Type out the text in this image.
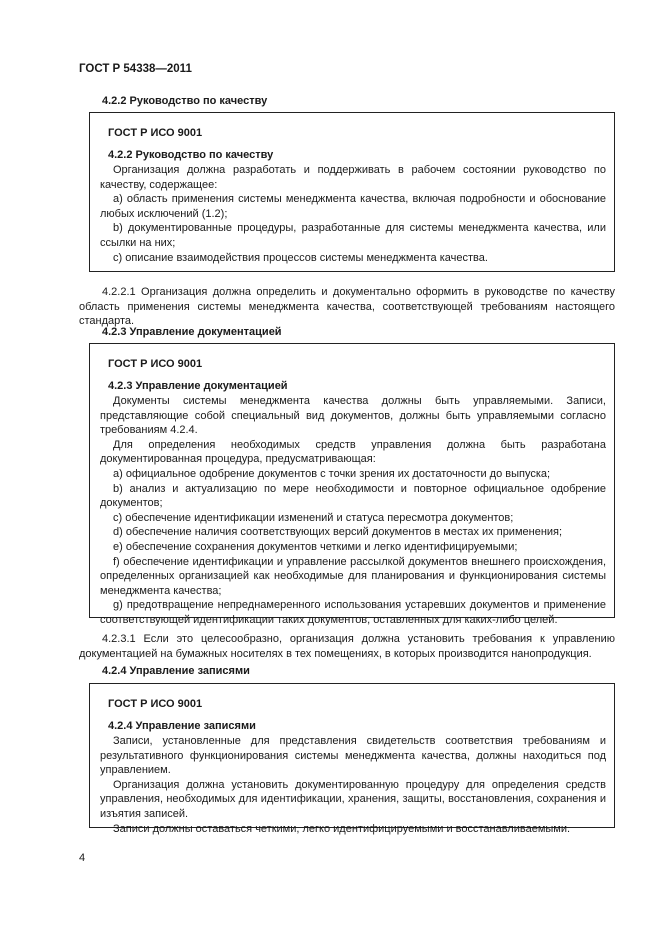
ГОСТ Р 54338—2011
4.2.2 Руководство по качеству
ГОСТ Р ИСО 9001
4.2.2 Руководство по качеству
Организация должна разработать и поддерживать в рабочем состоянии руководство по качеству, содержащее:
а) область применения системы менеджмента качества, включая подробности и обоснование любых исключений (1.2);
b) документированные процедуры, разработанные для системы менеджмента качества, или ссылки на них;
c) описание взаимодействия процессов системы менеджмента качества.
4.2.2.1 Организация должна определить и документально оформить в руководстве по качеству область применения системы менеджмента качества, соответствующей требованиям настоящего стандарта.
4.2.3 Управление документацией
ГОСТ Р ИСО 9001
4.2.3 Управление документацией
Документы системы менеджмента качества должны быть управляемыми. Записи, представляющие собой специальный вид документов, должны быть управляемыми согласно требованиям 4.2.4.
Для определения необходимых средств управления должна быть разработана документированная процедура, предусматривающая:
а) официальное одобрение документов с точки зрения их достаточности до выпуска;
b) анализ и актуализацию по мере необходимости и повторное официальное одобрение документов;
c) обеспечение идентификации изменений и статуса пересмотра документов;
d) обеспечение наличия соответствующих версий документов в местах их применения;
e) обеспечение сохранения документов четкими и легко идентифицируемыми;
f) обеспечение идентификации и управление рассылкой документов внешнего происхождения, определенных организацией как необходимые для планирования и функционирования системы менеджмента качества;
g) предотвращение непреднамеренного использования устаревших документов и применение соответствующей идентификации таких документов, оставленных для каких-либо целей.
4.2.3.1 Если это целесообразно, организация должна установить требования к управлению документацией на бумажных носителях в тех помещениях, в которых производится нанопродукция.
4.2.4 Управление записями
ГОСТ Р ИСО 9001
4.2.4 Управление записями
Записи, установленные для представления свидетельств соответствия требованиям и результативного функционирования системы менеджмента качества, должны находиться под управлением.
Организация должна установить документированную процедуру для определения средств управления, необходимых для идентификации, хранения, защиты, восстановления, сохранения и изъятия записей.
Записи должны оставаться четкими, легко идентифицируемыми и восстанавливаемыми.
4
